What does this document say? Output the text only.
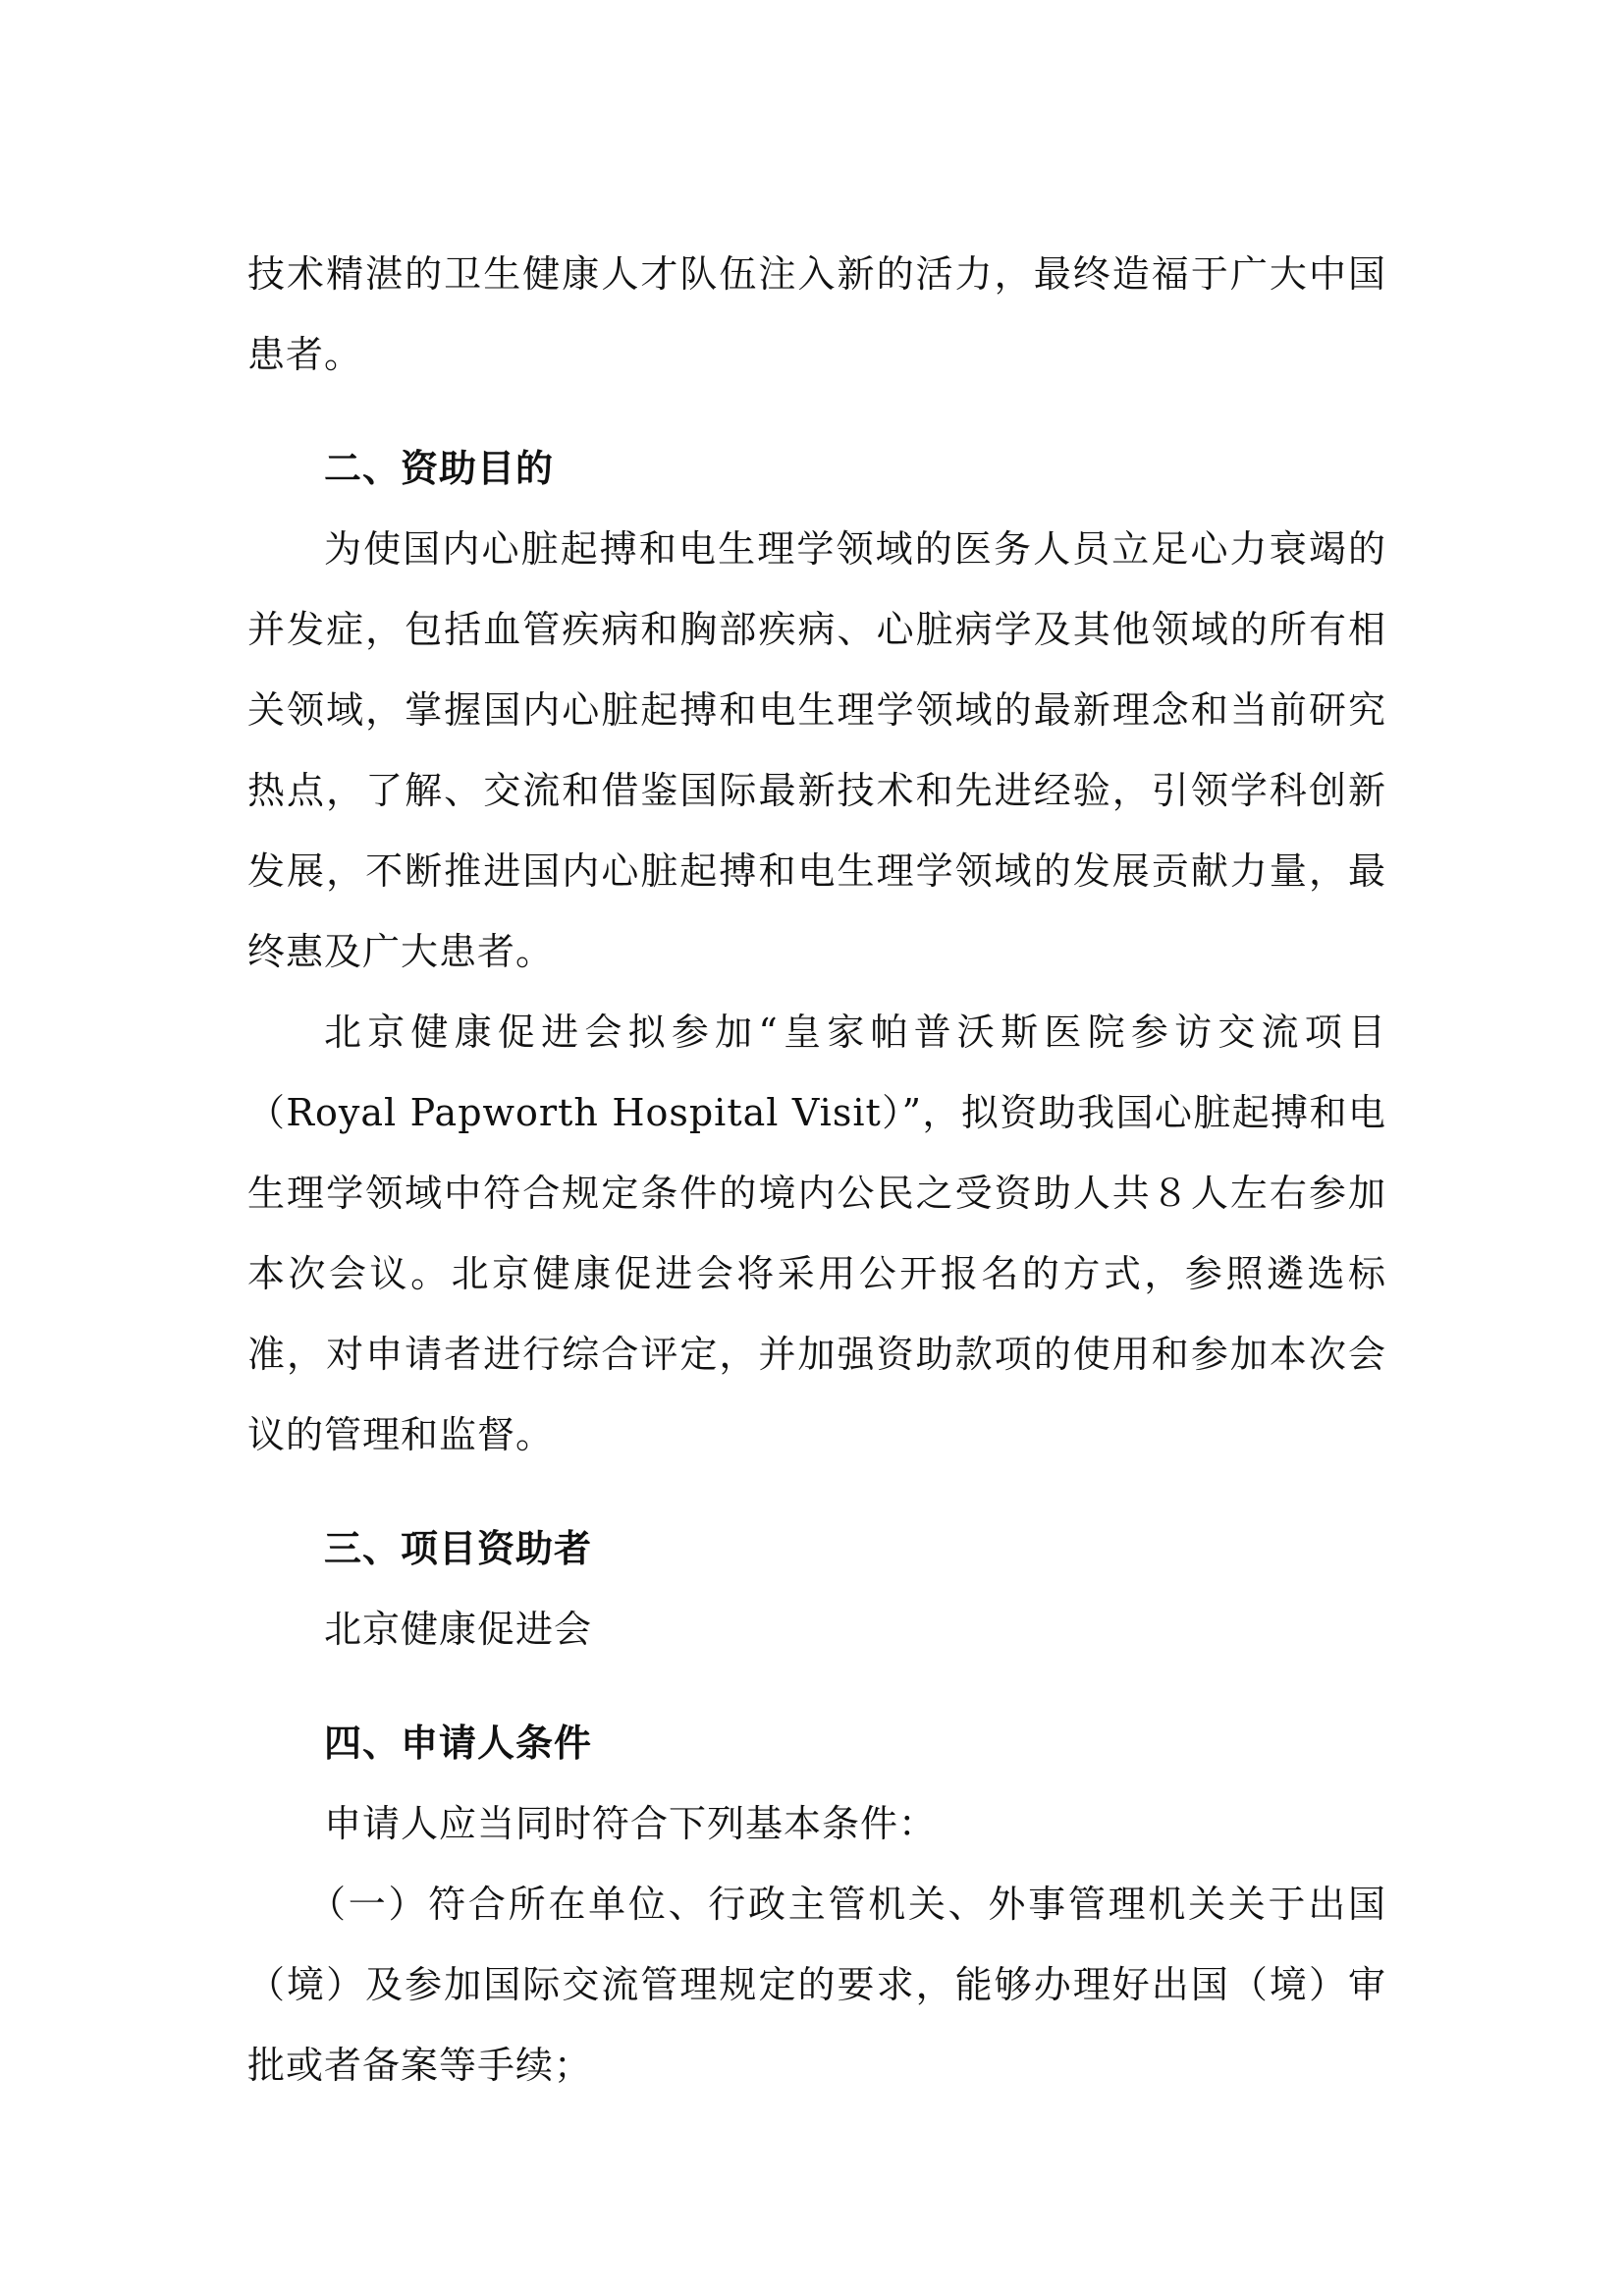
技术精湛的卫生健康人才队伍注入新的活力，最终造福于广大中国患者。

二、资助目的

为使国内心脏起搏和电生理学领域的医务人员立足心力衰竭的并发症，包括血管疾病和胸部疾病、心脏病学及其他领域的所有相关领域，掌握国内心脏起搏和电生理学领域的最新理念和当前研究热点，了解、交流和借鉴国际最新技术和先进经验，引领学科创新发展，不断推进国内心脏起搏和电生理学领域的发展贡献力量，最终惠及广大患者。

北京健康促进会拟参加“皇家帕普沃斯医院参访交流项目（Royal Papworth Hospital Visit）”，拟资助我国心脏起搏和电生理学领域中符合规定条件的境内公民之受资助人共８人左右参加本次会议。北京健康促进会将采用公开报名的方式，参照遴选标准，对申请者进行综合评定，并加强资助款项的使用和参加本次会议的管理和监督。

三、项目资助者

北京健康促进会

四、申请人条件

申请人应当同时符合下列基本条件：

（一）符合所在单位、行政主管机关、外事管理机关关于出国（境）及参加国际交流管理规定的要求，能够办理好出国（境）审批或者备案等手续；
